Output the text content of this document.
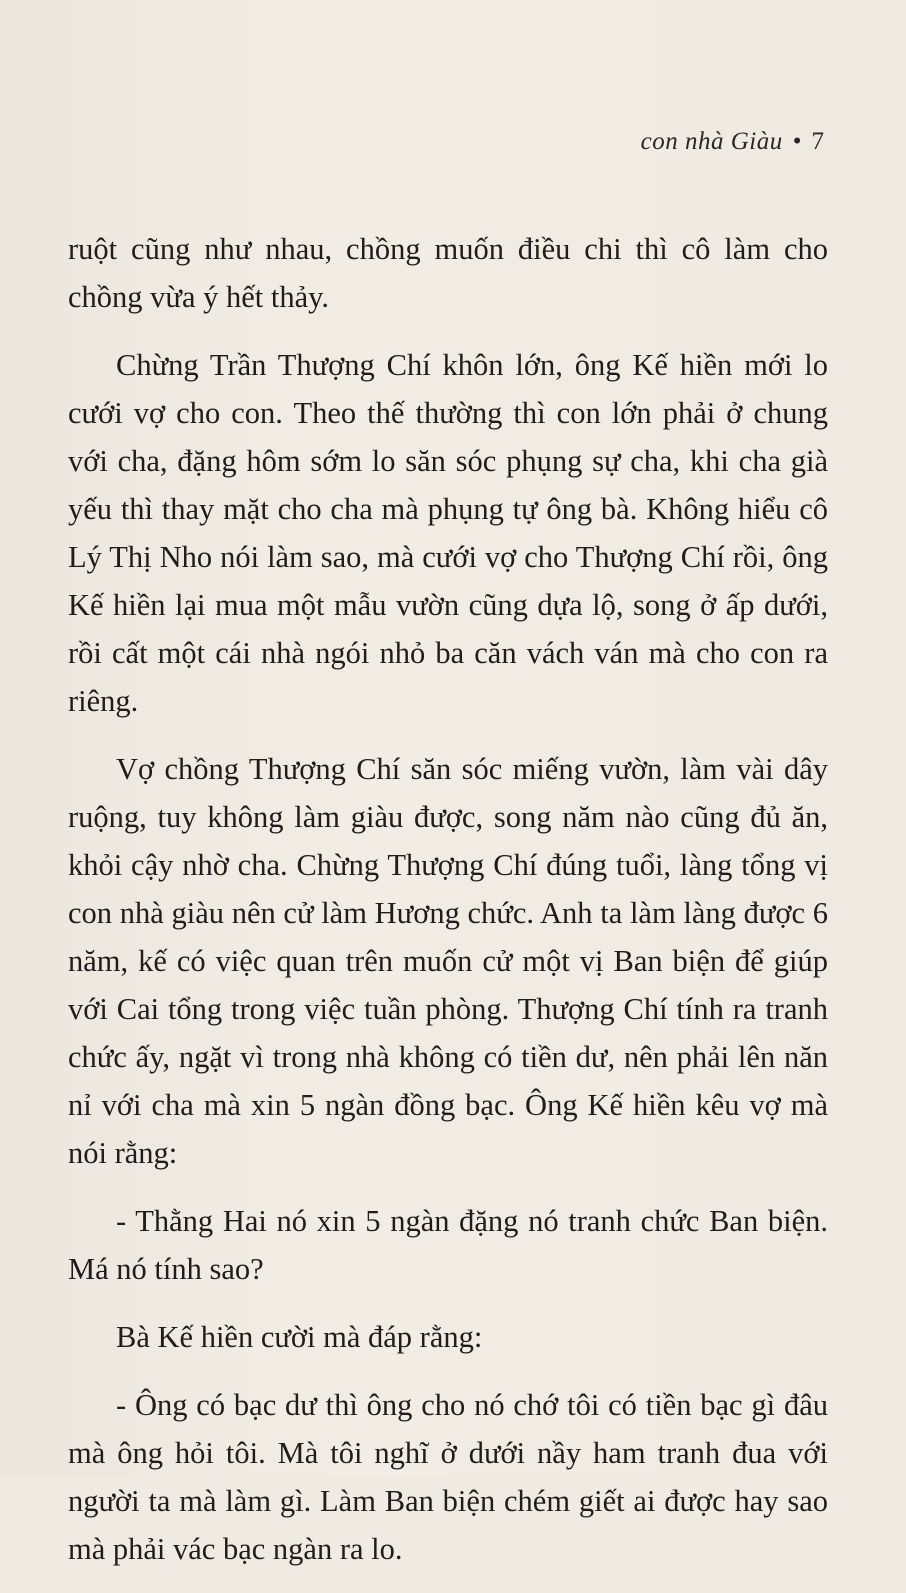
con nhà Giàu • 7

ruột cũng như nhau, chồng muốn điều chi thì cô làm cho chồng vừa ý hết thảy.

Chừng Trần Thượng Chí khôn lớn, ông Kế hiền mới lo cưới vợ cho con. Theo thế thường thì con lớn phải ở chung với cha, đặng hôm sớm lo săn sóc phụng sự cha, khi cha già yếu thì thay mặt cho cha mà phụng tự ông bà. Không hiểu cô Lý Thị Nho nói làm sao, mà cưới vợ cho Thượng Chí rồi, ông Kế hiền lại mua một mẫu vườn cũng dựa lộ, song ở ấp dưới, rồi cất một cái nhà ngói nhỏ ba căn vách ván mà cho con ra riêng.

Vợ chồng Thượng Chí săn sóc miếng vườn, làm vài dây ruộng, tuy không làm giàu được, song năm nào cũng đủ ăn, khỏi cậy nhờ cha. Chừng Thượng Chí đúng tuổi, làng tổng vị con nhà giàu nên cử làm Hương chức. Anh ta làm làng được 6 năm, kế có việc quan trên muốn cử một vị Ban biện để giúp với Cai tổng trong việc tuần phòng. Thượng Chí tính ra tranh chức ấy, ngặt vì trong nhà không có tiền dư, nên phải lên năn nỉ với cha mà xin 5 ngàn đồng bạc. Ông Kế hiền kêu vợ mà nói rằng:

- Thằng Hai nó xin 5 ngàn đặng nó tranh chức Ban biện. Má nó tính sao?

Bà Kế hiền cười mà đáp rằng:

- Ông có bạc dư thì ông cho nó chớ tôi có tiền bạc gì đâu mà ông hỏi tôi. Mà tôi nghĩ ở dưới nầy ham tranh đua với người ta mà làm gì. Làm Ban biện chém giết ai được hay sao mà phải vác bạc ngàn ra lo.
